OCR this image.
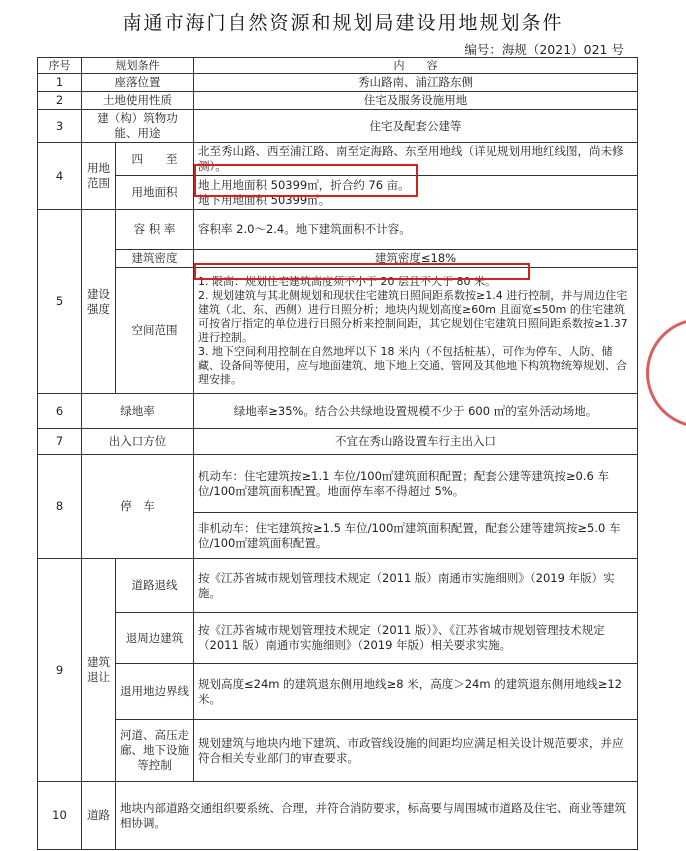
南通市海门自然资源和规划局建设用地规划条件
编号：海规（2021）021 号
序号	规划条件		内　　容
1	座落位置		秀山路南、浦江路东侧
2	土地使用性质		住宅及服务设施用地
3	建（构）筑物功能、用途		住宅及配套公建等
4	用地范围	四　　至	北至秀山路、西至浦江路、南至定海路、东至用地线（详见规划用地红线图，尚未修测）。
		用地面积	地上用地面积 50399㎡，折合约 76 亩。
地下用地面积 50399㎡。

5	建设强度	容 积 率	容积率 2.0～2.4。地下建筑面积不计容。
		建筑密度	建筑密度≤18%
		空间范围	1. 限高：规划住宅建筑高度须不小于 20 层且不大于 80 米。
2. 规划建筑与其北侧规划和现状住宅建筑日照间距系数按≥1.4 进行控制，并与周边住宅建筑（北、东、西侧）进行日照分析；地块内规划高度≥60m 且面宽≤50m 的住宅建筑可按省厅指定的单位进行日照分析来控制间距，其它规划住宅建筑日照间距系数按≥1.37 进行控制。
3. 地下空间利用控制在自然地坪以下 18 米内（不包括桩基），可作为停车、人防、储藏、设备间等使用，应与地面建筑、地下地上交通、管网及其他地下构筑物统筹规划、合理安排。

6	绿地率		绿地率≥35%。结合公共绿地设置规模不少于 600 ㎡的室外活动场地。
7	出入口方位		不宜在秀山路设置车行主出入口
8	停　车		机动车：住宅建筑按≥1.1 车位/100㎡建筑面积配置；配套公建等建筑按≥0.6 车位/100㎡建筑面积配置。地面停车率不得超过 5%。
			非机动车：住宅建筑按≥1.5 车位/100㎡建筑面积配置，配套公建等建筑按≥5.0 车位/100㎡建筑面积配置。
9	建筑退让	道路退线	按《江苏省城市规划管理技术规定（2011 版）南通市实施细则》（2019 年版）实施。
		退周边建筑	按《江苏省城市规划管理技术规定（2011 版）》、《江苏省城市规划管理技术规定（2011 版）南通市实施细则》（2019 年版）相关要求实施。
		退用地边界线	规划高度≤24m 的建筑退东侧用地线≥8 米，高度＞24m 的建筑退东侧用地线≥12 米。
		河道、高压走廊、地下设施等控制	规划建筑与地块内地下建筑、市政管线设施的间距均应满足相关设计规范要求，并应符合相关专业部门的审查要求。
10	道路	地块内部道路交通组织要系统、合理，并符合消防要求，标高要与周围城市道路及住宅、商业等建筑相协调。	
